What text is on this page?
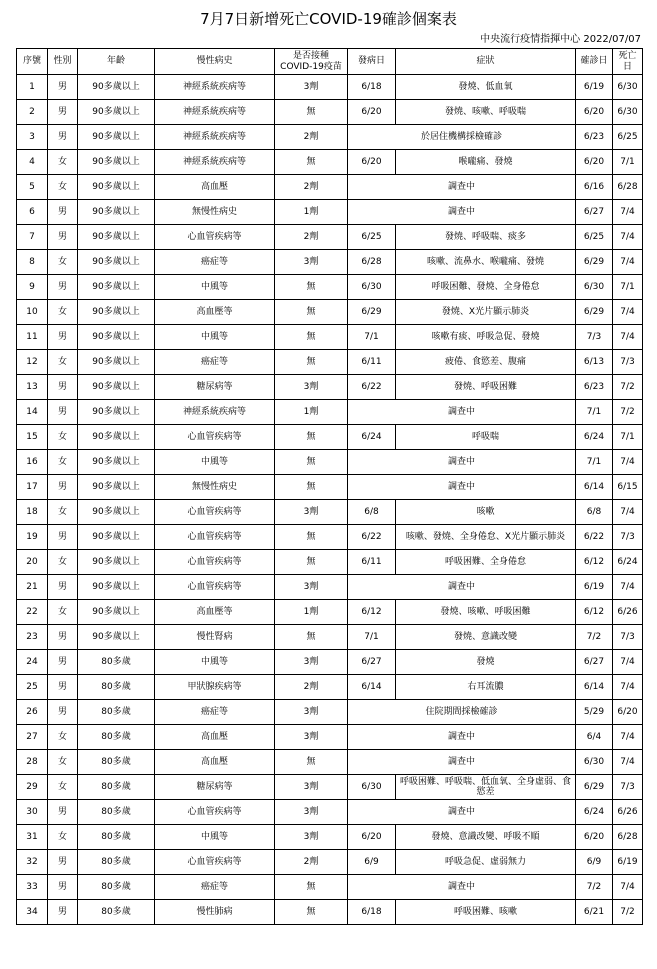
7月7日新增死亡COVID-19確診個案表
中央流行疫情指揮中心 2022/07/07
序號	性別	年齡	慢性病史	是否接種COVID-19疫苗	發病日	症狀	確診日	死亡日
1	男	90多歲以上	神經系統疾病等	3劑	6/18	發燒、低血氧	6/19	6/30
2	男	90多歲以上	神經系統疾病等	無	6/20	發燒、咳嗽、呼吸喘	6/20	6/30
3	男	90多歲以上	神經系統疾病等	2劑	於居住機構採檢確診		6/23	6/25
4	女	90多歲以上	神經系統疾病等	無	6/20	喉嚨痛、發燒	6/20	7/1
5	女	90多歲以上	高血壓	2劑	調查中		6/16	6/28
6	男	90多歲以上	無慢性病史	1劑	調查中		6/27	7/4
7	男	90多歲以上	心血管疾病等	2劑	6/25	發燒、呼吸喘、痰多	6/25	7/4
8	女	90多歲以上	癌症等	3劑	6/28	咳嗽、流鼻水、喉嚨痛、發燒	6/29	7/4
9	男	90多歲以上	中風等	無	6/30	呼吸困難、發燒、全身倦怠	6/30	7/1
10	女	90多歲以上	高血壓等	無	6/29	發燒、X光片顯示肺炎	6/29	7/4
11	男	90多歲以上	中風等	無	7/1	咳嗽有痰、呼吸急促、發燒	7/3	7/4
12	女	90多歲以上	癌症等	無	6/11	疲倦、食慾差、腹痛	6/13	7/3
13	男	90多歲以上	糖尿病等	3劑	6/22	發燒、呼吸困難	6/23	7/2
14	男	90多歲以上	神經系統疾病等	1劑	調查中		7/1	7/2
15	女	90多歲以上	心血管疾病等	無	6/24	呼吸喘	6/24	7/1
16	女	90多歲以上	中風等	無	調查中		7/1	7/4
17	男	90多歲以上	無慢性病史	無	調查中		6/14	6/15
18	女	90多歲以上	心血管疾病等	3劑	6/8	咳嗽	6/8	7/4
19	男	90多歲以上	心血管疾病等	無	6/22	咳嗽、發燒、全身倦怠、X光片顯示肺炎	6/22	7/3
20	女	90多歲以上	心血管疾病等	無	6/11	呼吸困難、全身倦怠	6/12	6/24
21	男	90多歲以上	心血管疾病等	3劑	調查中		6/19	7/4
22	女	90多歲以上	高血壓等	1劑	6/12	發燒、咳嗽、呼吸困難	6/12	6/26
23	男	90多歲以上	慢性腎病	無	7/1	發燒、意識改變	7/2	7/3
24	男	80多歲	中風等	3劑	6/27	發燒	6/27	7/4
25	男	80多歲	甲狀腺疾病等	2劑	6/14	右耳流膿	6/14	7/4
26	男	80多歲	癌症等	3劑	住院期間採檢確診		5/29	6/20
27	女	80多歲	高血壓	3劑	調查中		6/4	7/4
28	女	80多歲	高血壓	無	調查中		6/30	7/4
29	女	80多歲	糖尿病等	3劑	6/30	呼吸困難、呼吸喘、低血氧、全身虛弱、食慾差	6/29	7/3
30	男	80多歲	心血管疾病等	3劑	調查中		6/24	6/26
31	女	80多歲	中風等	3劑	6/20	發燒、意識改變、呼吸不順	6/20	6/28
32	男	80多歲	心血管疾病等	2劑	6/9	呼吸急促、虛弱無力	6/9	6/19
33	男	80多歲	癌症等	無	調查中		7/2	7/4
34	男	80多歲	慢性肺病	無	6/18	呼吸困難、咳嗽	6/21	7/2
